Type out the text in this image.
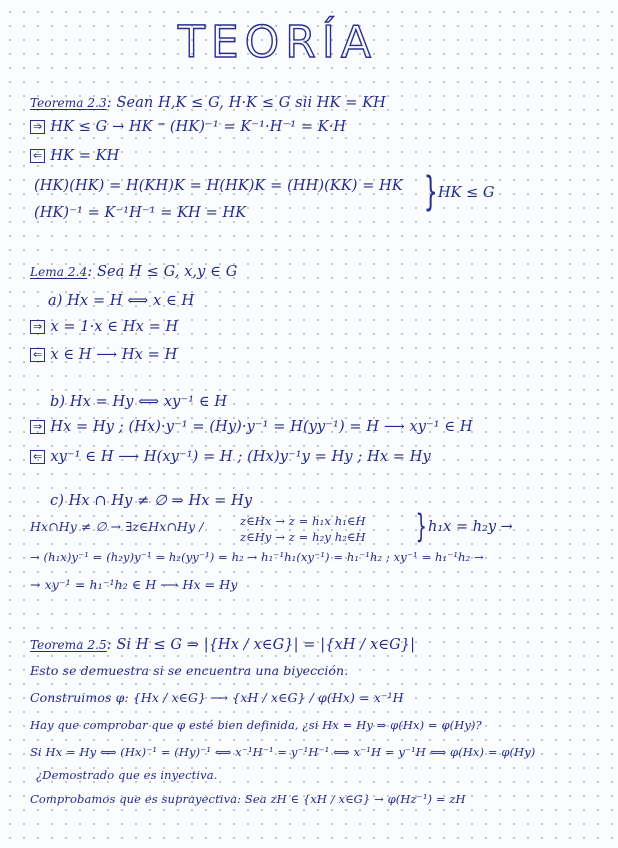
TEORÍA

Teorema 2.3: Sean H,K ≤ G, H·K ≤ G sii HK = KH

⇒ HK ≤ G → HK ⁼ (HK)⁻¹ = K⁻¹·H⁻¹ = K·H

⇐ HK = KH

(HK)(HK) = H(KH)K = H(HK)K = (HH)(KK) = HK

(HK)⁻¹ = K⁻¹H⁻¹ = KH = HK	} HK ≤ G

Lema 2.4: Sea H ≤ G, x,y ∈ G

a) Hx = H ⟺ x ∈ H

⇒ x = 1·x ∈ Hx = H

⇐ x ∈ H ⟶ Hx = H

b) Hx = Hy ⟺ xy⁻¹ ∈ H

⇒ Hx = Hy ; (Hx)·y⁻¹ = (Hy)·y⁻¹ = H(yy⁻¹) = H ⟶ xy⁻¹ ∈ H

⇐ xy⁻¹ ∈ H ⟶ H(xy⁻¹) = H ; (Hx)y⁻¹y = Hy ; Hx = Hy

c) Hx ∩ Hy ≠ ∅ ⇒ Hx = Hy

Hx∩Hy ≠ ∅ → ∃z∈Hx∩Hy /	z∈Hx → z = h₁x h₁∈H

z∈Hy → z = h₂y h₂∈H } h₁x = h₂y →

→ (h₁x)y⁻¹ = (h₂y)y⁻¹ = h₂(yy⁻¹) = h₂ → h₁⁻¹h₁(xy⁻¹) = h₁⁻¹h₂ ; xy⁻¹ = h₁⁻¹h₂ →

→ xy⁻¹ = h₁⁻¹h₂ ∈ H ⟶ Hx = Hy

Teorema 2.5: Si H ≤ G ⇒ |{Hx / x∈G}| = |{xH / x∈G}|

Esto se demuestra si se encuentra una biyección.

Construimos φ: {Hx / x∈G} ⟶ {xH / x∈G} / φ(Hx) = x⁻¹H

Hay que comprobar que φ esté bien definida, ¿si Hx = Hy ⇒ φ(Hx) = φ(Hy)?

Si Hx = Hy ⟺ (Hx)⁻¹ = (Hy)⁻¹ ⟺ x⁻¹H⁻¹ = y⁻¹H⁻¹ ⟺ x⁻¹H = y⁻¹H ⟺ φ(Hx) = φ(Hy)

¿Demostrado que es inyectiva.

Comprobamos que es suprayectiva: Sea zH ∈ {xH / x∈G} → φ(Hz⁻¹) = zH
